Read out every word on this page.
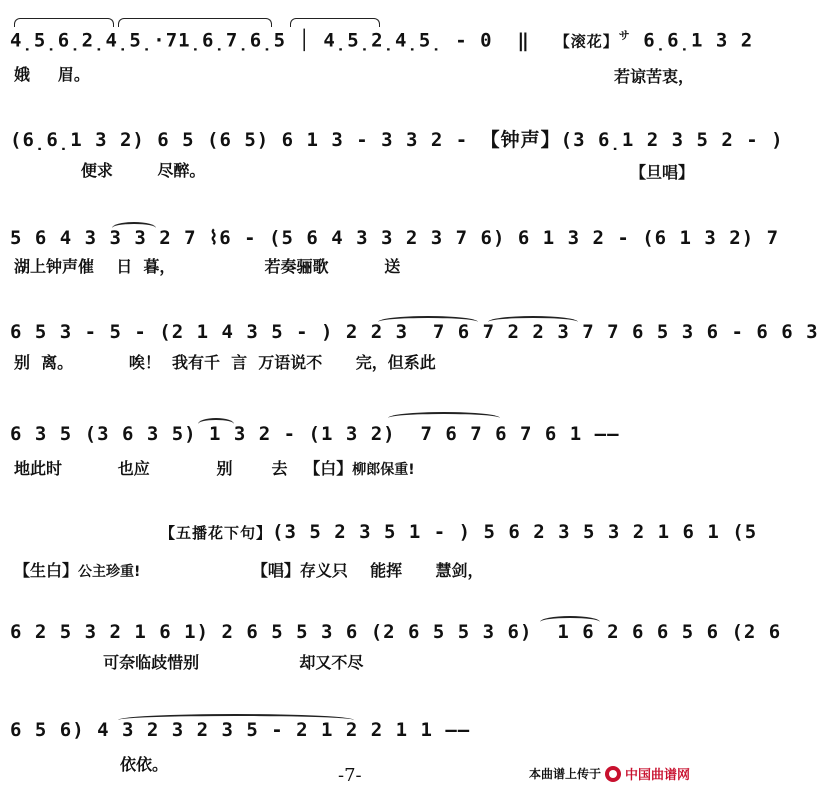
4̣5̣6̣2̣4̣5̣·71̣6̣7̣6̣5 │ 4̣5̣2̣4̣5̣ - 0  ‖ 【滚花】$^サ$ 6̣6̣1 3 2
娥     眉。	若谅苦衷，
(6̣6̣1 3 2) 6 5 (6 5) 6 1 3 - 3 3 2 - 【钟声】(3 6̣1 2 3 5 2 - )
便求        尽醉。	【旦唱】
5 6 4 3 3 3 2 7 ⌇6 - (5 6 4 3 3 2 3 7 6) 6 1 3 2 - (6 1 3 2) 7
湖上钟声催    日  暮，                若奏骊歌          送
6 5 3 - 5 - (2 1 4 3 5 - ) 2 2 3  7 6 7 2 2 3 7 7 6 5 3 6 - 6 6 3
别  离。          唉！  我有千  言  万语说不      完，但系此
6 3 5 (3 6 3 5) 1 3 2 - (1 3 2)  7 6 7 6 7 6 1 ——
地此时          也应            别       去 【白】柳郎保重!
【五播花下句】(3 5 2 3 5 1 - ) 5 6 2 3 5 3 2 1 6 1 (5
【生白】公主珍重!	【唱】存义只    能挥      慧剑，
6 2 5 3 2 1 6 1) 2 6 5 5 3 6 (2 6 5 5 3 6)  1 6 2 6 6 5 6 (2 6
可奈临歧惜别                  却又不尽
6 5 6) 4 3 2 3 2 3 5 - 2 1 2 2 1 1 ——
依依。
-7-	本曲谱上传于 中国曲谱网
